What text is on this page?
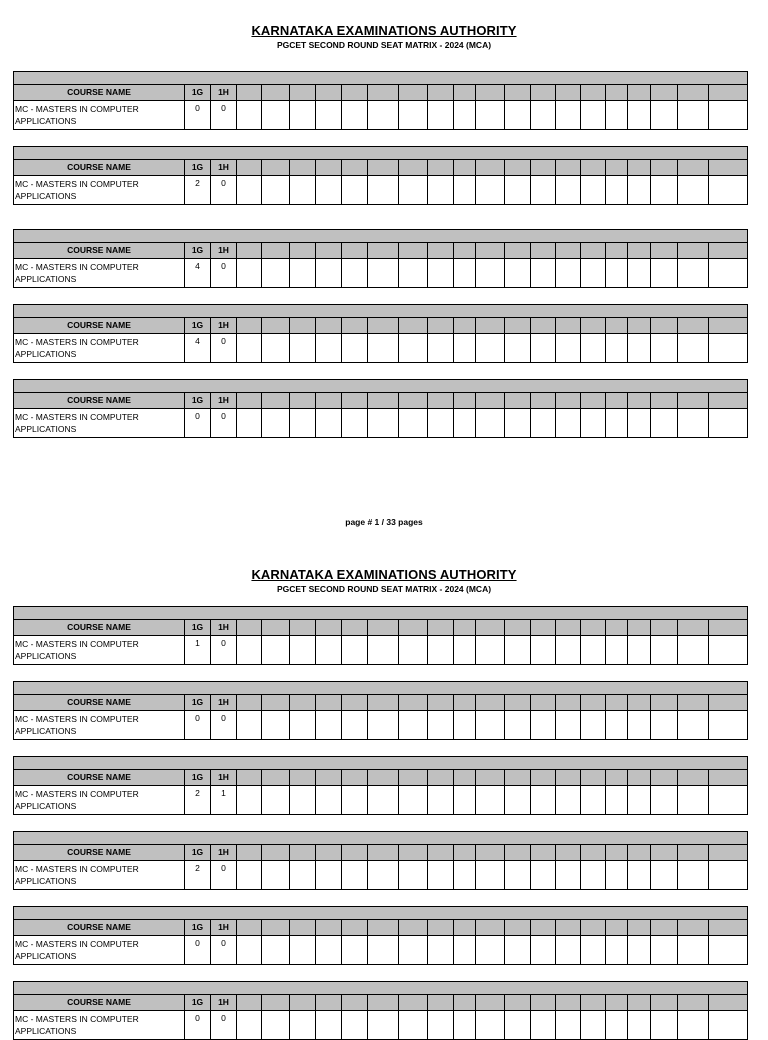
KARNATAKA EXAMINATIONS AUTHORITY
PGCET SECOND ROUND SEAT MATRIX - 2024 (MCA)
COURSE NAME	1G	1H
MC - MASTERS IN COMPUTER
APPLICATIONS
0	0
COURSE NAME	1G	1H
MC - MASTERS IN COMPUTER
APPLICATIONS
2	0
COURSE NAME	1G	1H
MC - MASTERS IN COMPUTER
APPLICATIONS
4	0
COURSE NAME	1G	1H
MC - MASTERS IN COMPUTER
APPLICATIONS
4	0
COURSE NAME	1G	1H
MC - MASTERS IN COMPUTER
APPLICATIONS
0	0
page # 1 / 33 pages
KARNATAKA EXAMINATIONS AUTHORITY
PGCET SECOND ROUND SEAT MATRIX - 2024 (MCA)
COURSE NAME	1G	1H
MC - MASTERS IN COMPUTER
APPLICATIONS
1	0
COURSE NAME	1G	1H
MC - MASTERS IN COMPUTER
APPLICATIONS
0	0
COURSE NAME	1G	1H
MC - MASTERS IN COMPUTER
APPLICATIONS
2	1
COURSE NAME	1G	1H
MC - MASTERS IN COMPUTER
APPLICATIONS
2	0
COURSE NAME	1G	1H
MC - MASTERS IN COMPUTER
APPLICATIONS
0	0
COURSE NAME	1G	1H
MC - MASTERS IN COMPUTER
APPLICATIONS
0	0
